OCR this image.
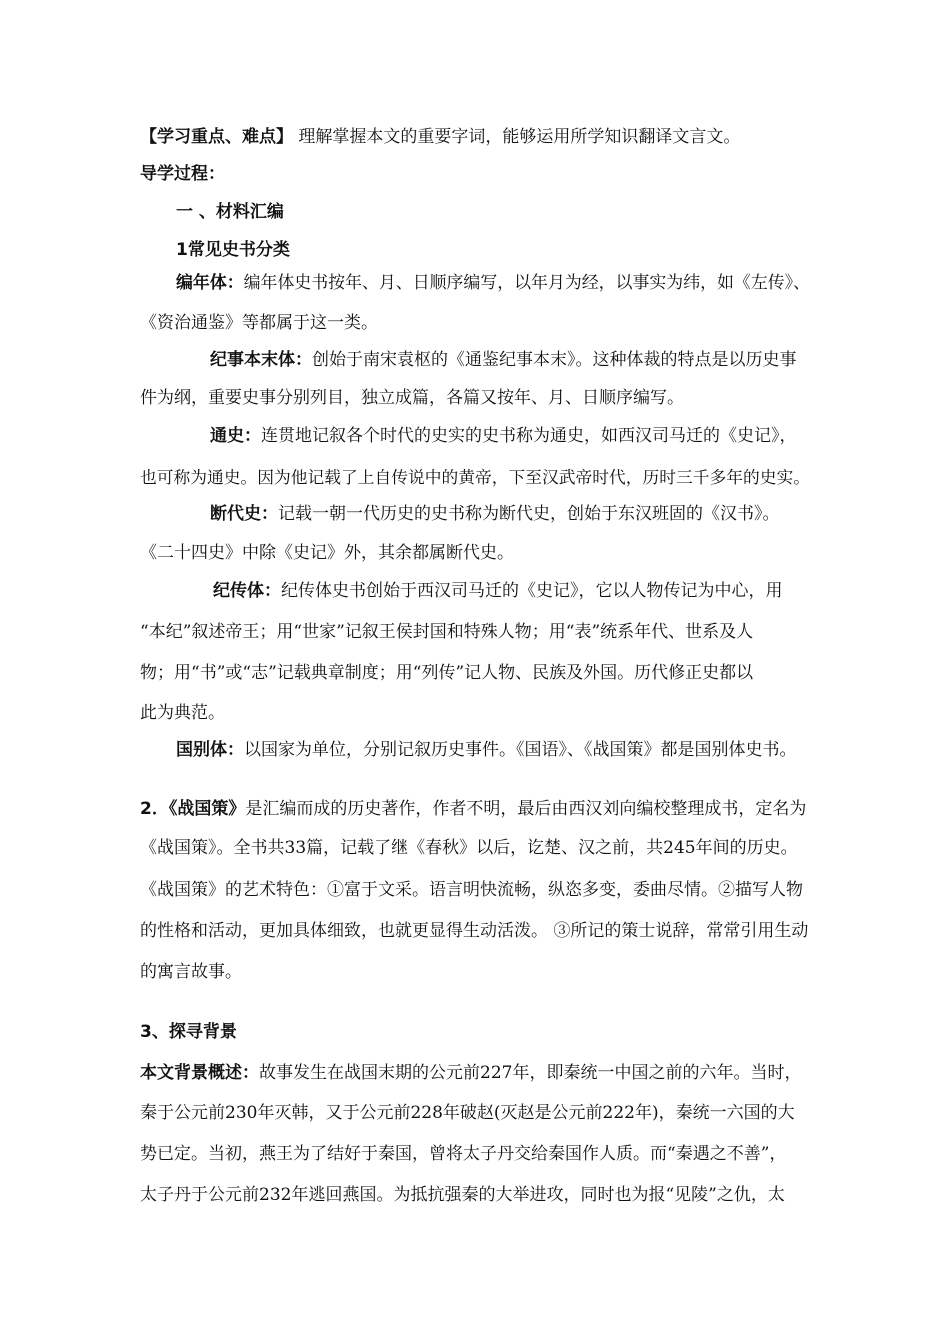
【学习重点、难点】 理解掌握本文的重要字词，能够运用所学知识翻译文言文。
导学过程：
一 、材料汇编
1常见史书分类
编年体：编年体史书按年、月、日顺序编写，以年月为经，以事实为纬，如《左传》、
《资治通鉴》等都属于这一类。
纪事本末体：创始于南宋袁枢的《通鉴纪事本末》。这种体裁的特点是以历史事
件为纲，重要史事分别列目，独立成篇，各篇又按年、月、日顺序编写。
通史：连贯地记叙各个时代的史实的史书称为通史，如西汉司马迁的《史记》，
也可称为通史。因为他记载了上自传说中的黄帝，下至汉武帝时代，历时三千多年的史实。
断代史：记载一朝一代历史的史书称为断代史，创始于东汉班固的《汉书》。
《二十四史》中除《史记》外，其余都属断代史。
纪传体：纪传体史书创始于西汉司马迁的《史记》，它以人物传记为中心，用
“本纪”叙述帝王；用“世家”记叙王侯封国和特殊人物；用“表”统系年代、世系及人
物；用“书”或“志”记载典章制度；用“列传”记人物、民族及外国。历代修正史都以
此为典范。
国别体：以国家为单位，分别记叙历史事件。《国语》、《战国策》都是国别体史书。
2．《战国策》是汇编而成的历史著作，作者不明，最后由西汉刘向编校整理成书，定名为
《战国策》。全书共33篇，记载了继《春秋》以后，讫楚、汉之前，共245年间的历史。
《战国策》的艺术特色：①富于文采。语言明快流畅，纵恣多变，委曲尽情。②描写人物
的性格和活动，更加具体细致，也就更显得生动活泼。 ③所记的策士说辞，常常引用生动
的寓言故事。
3、探寻背景
本文背景概述：故事发生在战国末期的公元前227年，即秦统一中国之前的六年。当时，
秦于公元前230年灭韩，又于公元前228年破赵(灭赵是公元前222年)，秦统一六国的大
势已定。当初，燕王为了结好于秦国，曾将太子丹交给秦国作人质。而“秦遇之不善”，
太子丹于公元前232年逃回燕国。为抵抗强秦的大举进攻，同时也为报“见陵”之仇，太
